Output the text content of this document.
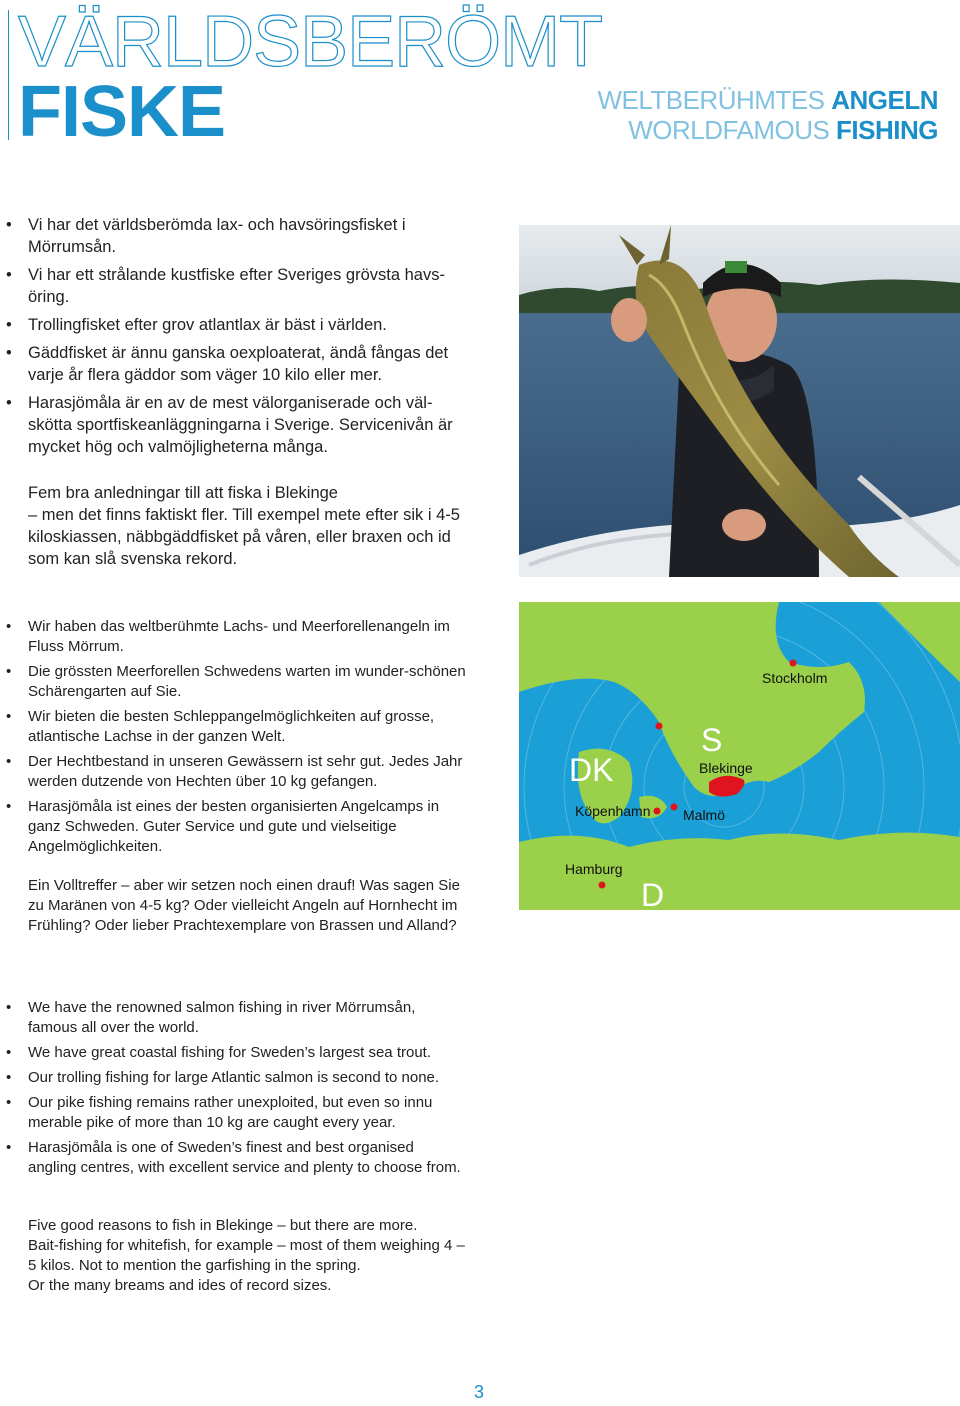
VÄRLDSBERÖMT
FISKE	WELTBERÜHMTES ANGELN
WORLDFAMOUS FISHING
• Vi har det världsberömda lax- och havsöringsfisket i Mörrumsån.
• Vi har ett strålande kustfiske efter Sveriges grövsta havs-öring.
• Trollingfisket efter grov atlantlax är bäst i världen.
• Gäddfisket är ännu ganska oexploaterat, ändå fångas det varje år flera gäddor som väger 10 kilo eller mer.
• Harasjömåla är en av de mest välorganiserade och väl-skötta sportfiskeanläggningarna i Sverige. Servicenivån är mycket hög och valmöjligheterna många.
Fem bra anledningar till att fiska i Blekinge
– men det finns faktiskt fler. Till exempel mete efter sik i 4-5 kiloskiassen, näbbgäddfisket på våren, eller braxen och id som kan slå svenska rekord.
• Wir haben das weltberühmte Lachs- und Meerforellenangeln im Fluss Mörrum.
• Die grössten Meerforellen Schwedens warten im wunder-schönen Schärengarten auf Sie.
• Wir bieten die besten Schleppangelmöglichkeiten auf grosse, atlantische Lachse in der ganzen Welt.
• Der Hechtbestand in unseren Gewässern ist sehr gut. Jedes Jahr werden dutzende von Hechten über 10 kg gefangen.
• Harasjömåla ist eines der besten organisierten Angelcamps in ganz Schweden. Guter Service und gute und vielseitige Angelmöglichkeiten.
Ein Volltreffer – aber wir setzen noch einen drauf! Was sagen Sie zu Maränen von 4-5 kg? Oder vielleicht Angeln auf Hornhecht im Frühling? Oder lieber Prachtexemplare von Brassen und Alland?
Stockholm
S
DK	Blekinge
Köpenhamn Malmö
Hamburg
D
• We have the renowned salmon fishing in river Mörrumsån, famous all over the world.
• We have great coastal fishing for Sweden’s largest sea trout.
• Our trolling fishing for large Atlantic salmon is second to none.
• Our pike fishing remains rather unexploited, but even so innu merable pike of more than 10 kg are caught every year.
• Harasjömåla is one of Sweden’s finest and best organised angling centres, with excellent service and plenty to choose from.
Five good reasons to fish in Blekinge – but there are more.
Bait-fishing for whitefish, for example – most of them weighing 4 – 5 kilos. Not to mention the garfishing in the spring.
Or the many breams and ides of record sizes.
3
